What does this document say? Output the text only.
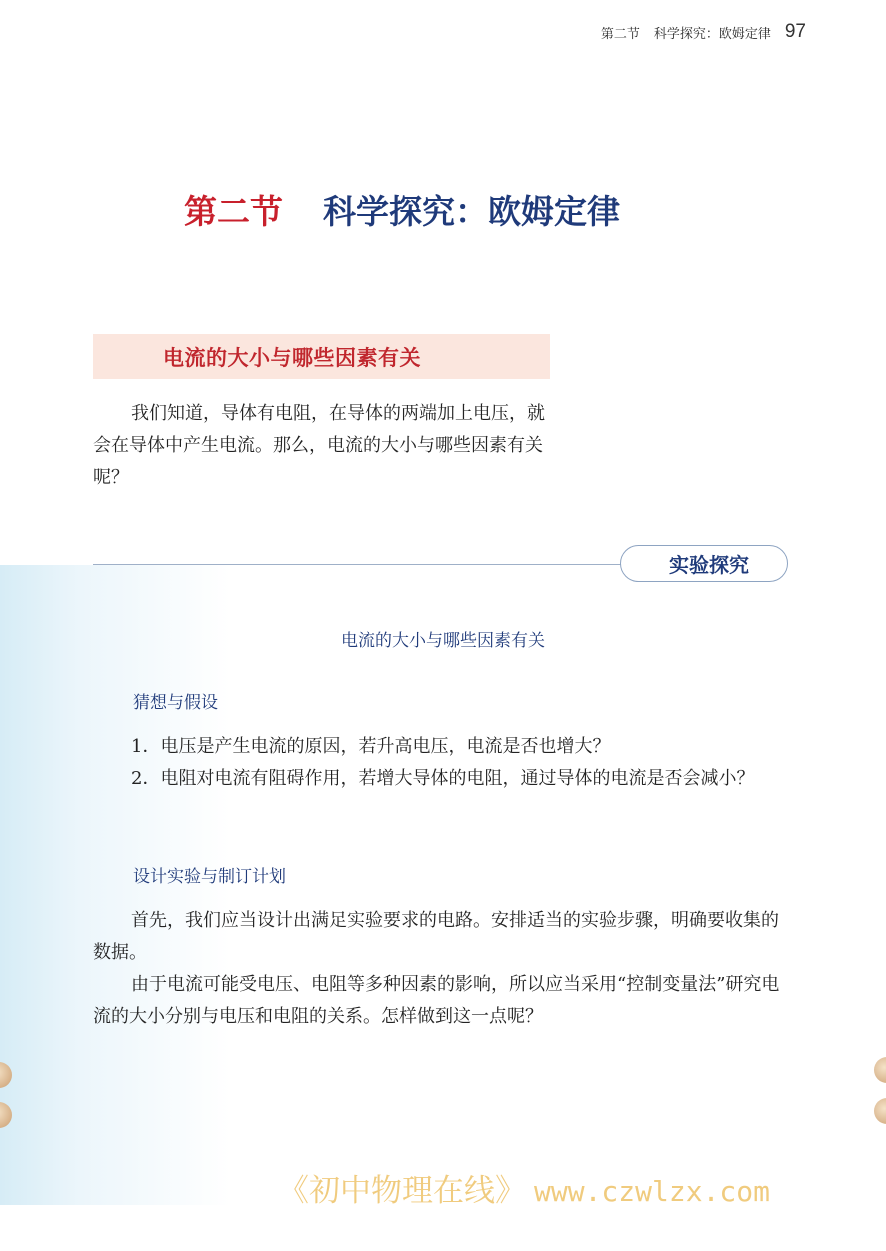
第二节 科学探究：欧姆定律 97
第二节 科学探究：欧姆定律
电流的大小与哪些因素有关

我们知道，导体有电阻，在导体的两端加上电压，就会在导体中产生电流。那么，电流的大小与哪些因素有关呢？

实验探究
电流的大小与哪些因素有关
猜想与假设

1．电压是产生电流的原因，若升高电压，电流是否也增大？

2．电阻对电流有阻碍作用，若增大导体的电阻，通过导体的电流是否会减小？

设计实验与制订计划

首先，我们应当设计出满足实验要求的电路。安排适当的实验步骤，明确要收集的数据。

由于电流可能受电压、电阻等多种因素的影响，所以应当采用“控制变量法”研究电流的大小分别与电压和电阻的关系。怎样做到这一点呢？

《初中物理在线》 www.czwlzx.com
